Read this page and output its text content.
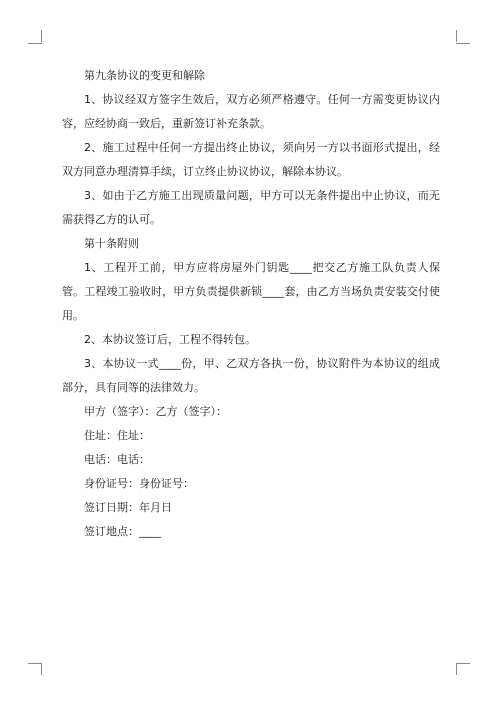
第九条协议的变更和解除

1、协议经双方签字生效后，双方必须严格遵守。任何一方需变更协议内容，应经协商一致后，重新签订补充条款。

2、施工过程中任何一方提出终止协议，须向另一方以书面形式提出，经双方同意办理清算手续，订立终止协议协议，解除本协议。

3、如由于乙方施工出现质量问题，甲方可以无条件提出中止协议，而无需获得乙方的认可。

第十条附则

1、工程开工前，甲方应将房屋外门钥匙____把交乙方施工队负责人保管。工程竣工验收时，甲方负责提供新锁____套，由乙方当场负责安装交付使用。

2、本协议签订后，工程不得转包。

3、本协议一式____份，甲、乙双方各执一份，协议附件为本协议的组成部分，具有同等的法律效力。

甲方（签字）：乙方（签字）：

住址：住址：

电话：电话：

身份证号：身份证号：

签订日期：年月日

签订地点：____
